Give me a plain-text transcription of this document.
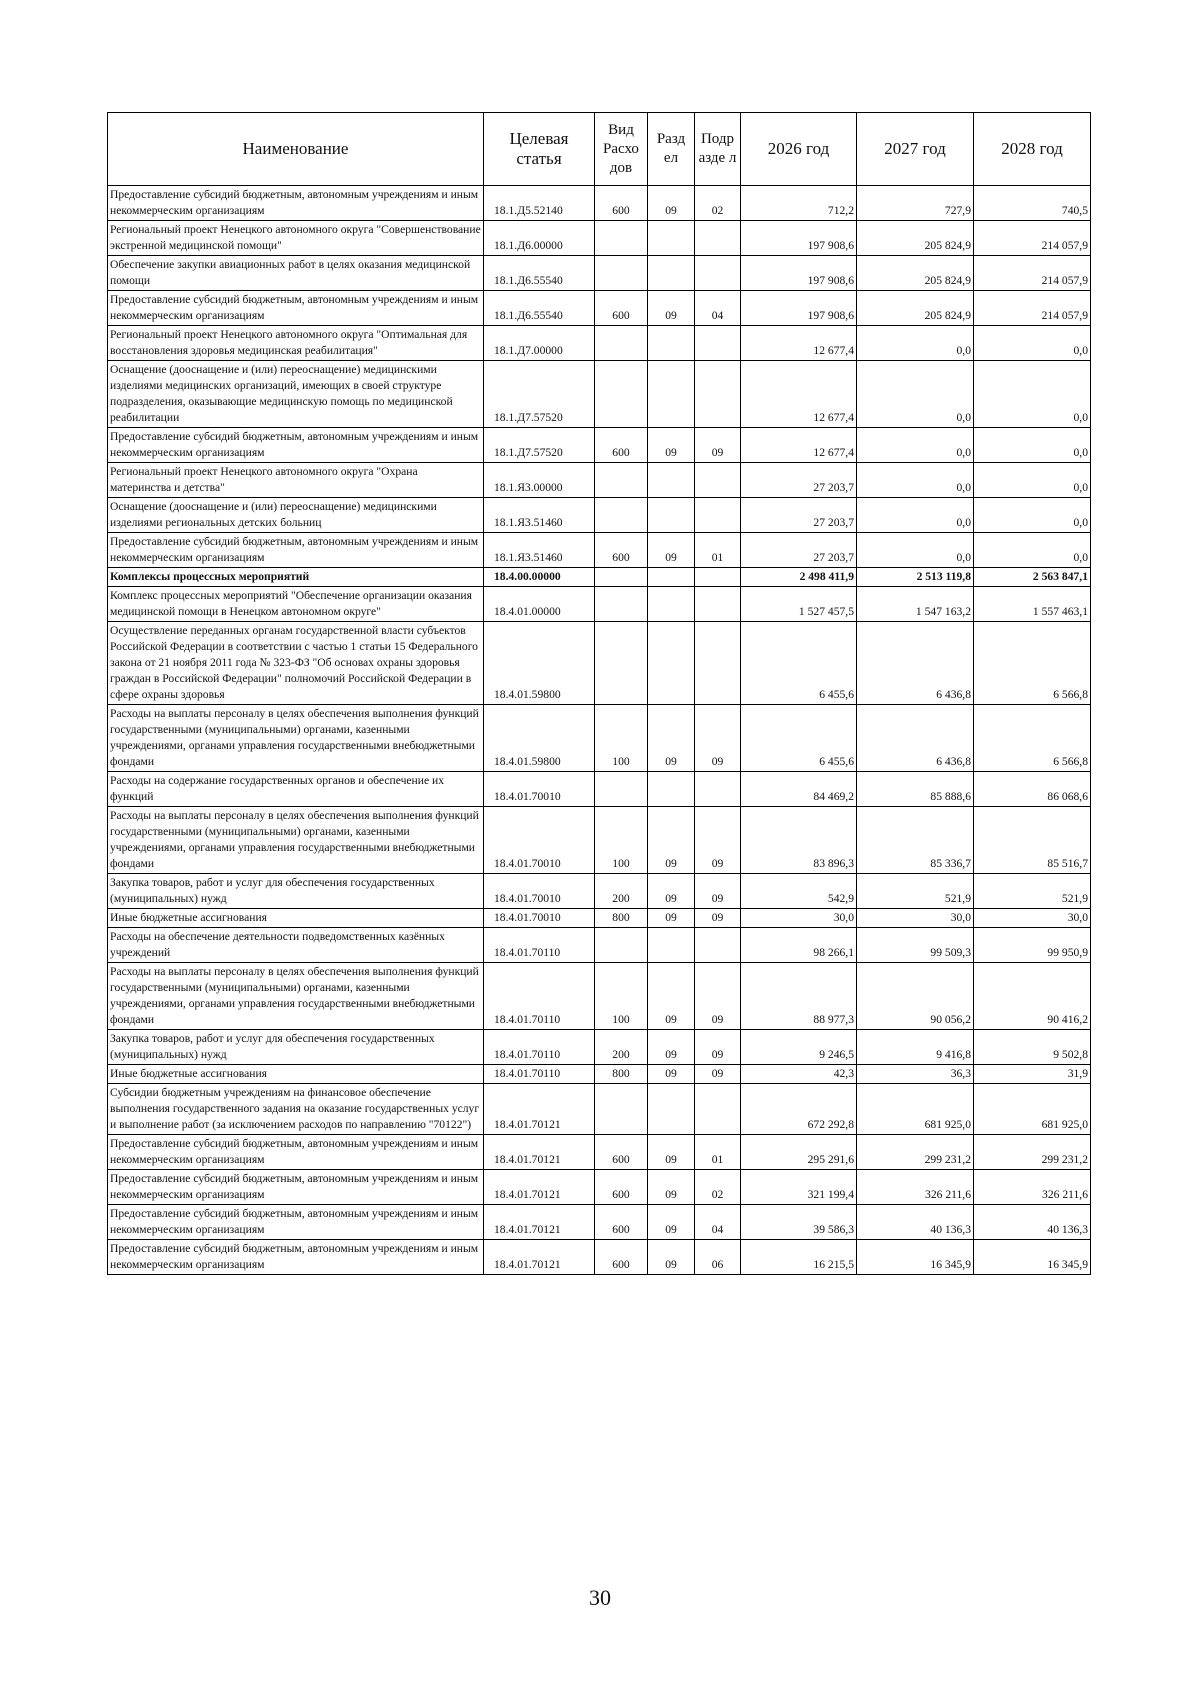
Наименование	Целевая статья	Вид Расхо дов	Разд ел	Подр азде л	2026 год	2027 год	2028 год
Предоставление субсидий бюджетным, автономным учреждениям и иным некоммерческим организациям	18.1.Д5.52140	600	09	02	712,2	727,9	740,5
Региональный проект Ненецкого автономного округа "Совершенствование экстренной медицинской помощи"	18.1.Д6.00000				197 908,6	205 824,9	214 057,9
Обеспечение закупки авиационных работ в целях оказания медицинской помощи	18.1.Д6.55540				197 908,6	205 824,9	214 057,9
Предоставление субсидий бюджетным, автономным учреждениям и иным некоммерческим организациям	18.1.Д6.55540	600	09	04	197 908,6	205 824,9	214 057,9
Региональный проект Ненецкого автономного округа "Оптимальная для восстановления здоровья медицинская реабилитация"	18.1.Д7.00000				12 677,4	0,0	0,0
Оснащение (дооснащение и (или) переоснащение) медицинскими изделиями медицинских организаций, имеющих в своей структуре подразделения, оказывающие медицинскую помощь по медицинской реабилитации	18.1.Д7.57520				12 677,4	0,0	0,0
Предоставление субсидий бюджетным, автономным учреждениям и иным некоммерческим организациям	18.1.Д7.57520	600	09	09	12 677,4	0,0	0,0
Региональный проект Ненецкого автономного округа "Охрана материнства и детства"	18.1.Я3.00000				27 203,7	0,0	0,0
Оснащение (дооснащение и (или) переоснащение) медицинскими изделиями региональных детских больниц	18.1.Я3.51460				27 203,7	0,0	0,0
Предоставление субсидий бюджетным, автономным учреждениям и иным некоммерческим организациям	18.1.Я3.51460	600	09	01	27 203,7	0,0	0,0
Комплексы процессных мероприятий	18.4.00.00000				2 498 411,9	2 513 119,8	2 563 847,1
Комплекс процессных мероприятий "Обеспечение организации оказания медицинской помощи в Ненецком автономном округе"	18.4.01.00000				1 527 457,5	1 547 163,2	1 557 463,1
Осуществление переданных органам государственной власти субъектов Российской Федерации в соответствии с частью 1 статьи 15 Федерального закона от 21 ноября 2011 года № 323-ФЗ "Об основах охраны здоровья граждан в Российской Федерации" полномочий Российской Федерации в сфере охраны здоровья	18.4.01.59800				6 455,6	6 436,8	6 566,8
Расходы на выплаты персоналу в целях обеспечения выполнения функций государственными (муниципальными) органами, казенными учреждениями, органами управления государственными внебюджетными фондами	18.4.01.59800	100	09	09	6 455,6	6 436,8	6 566,8
Расходы на содержание государственных органов и обеспечение их функций	18.4.01.70010				84 469,2	85 888,6	86 068,6
Расходы на выплаты персоналу в целях обеспечения выполнения функций государственными (муниципальными) органами, казенными учреждениями, органами управления государственными внебюджетными фондами	18.4.01.70010	100	09	09	83 896,3	85 336,7	85 516,7
Закупка товаров, работ и услуг для обеспечения государственных (муниципальных) нужд	18.4.01.70010	200	09	09	542,9	521,9	521,9
Иные бюджетные ассигнования	18.4.01.70010	800	09	09	30,0	30,0	30,0
Расходы на обеспечение деятельности подведомственных казённых учреждений	18.4.01.70110				98 266,1	99 509,3	99 950,9
Расходы на выплаты персоналу в целях обеспечения выполнения функций государственными (муниципальными) органами, казенными учреждениями, органами управления государственными внебюджетными фондами	18.4.01.70110	100	09	09	88 977,3	90 056,2	90 416,2
Закупка товаров, работ и услуг для обеспечения государственных (муниципальных) нужд	18.4.01.70110	200	09	09	9 246,5	9 416,8	9 502,8
Иные бюджетные ассигнования	18.4.01.70110	800	09	09	42,3	36,3	31,9
Субсидии бюджетным учреждениям на финансовое обеспечение выполнения государственного задания на оказание государственных услуг и выполнение работ (за исключением расходов по направлению "70122")	18.4.01.70121				672 292,8	681 925,0	681 925,0
Предоставление субсидий бюджетным, автономным учреждениям и иным некоммерческим организациям	18.4.01.70121	600	09	01	295 291,6	299 231,2	299 231,2
Предоставление субсидий бюджетным, автономным учреждениям и иным некоммерческим организациям	18.4.01.70121	600	09	02	321 199,4	326 211,6	326 211,6
Предоставление субсидий бюджетным, автономным учреждениям и иным некоммерческим организациям	18.4.01.70121	600	09	04	39 586,3	40 136,3	40 136,3
Предоставление субсидий бюджетным, автономным учреждениям и иным некоммерческим организациям	18.4.01.70121	600	09	06	16 215,5	16 345,9	16 345,9
30
